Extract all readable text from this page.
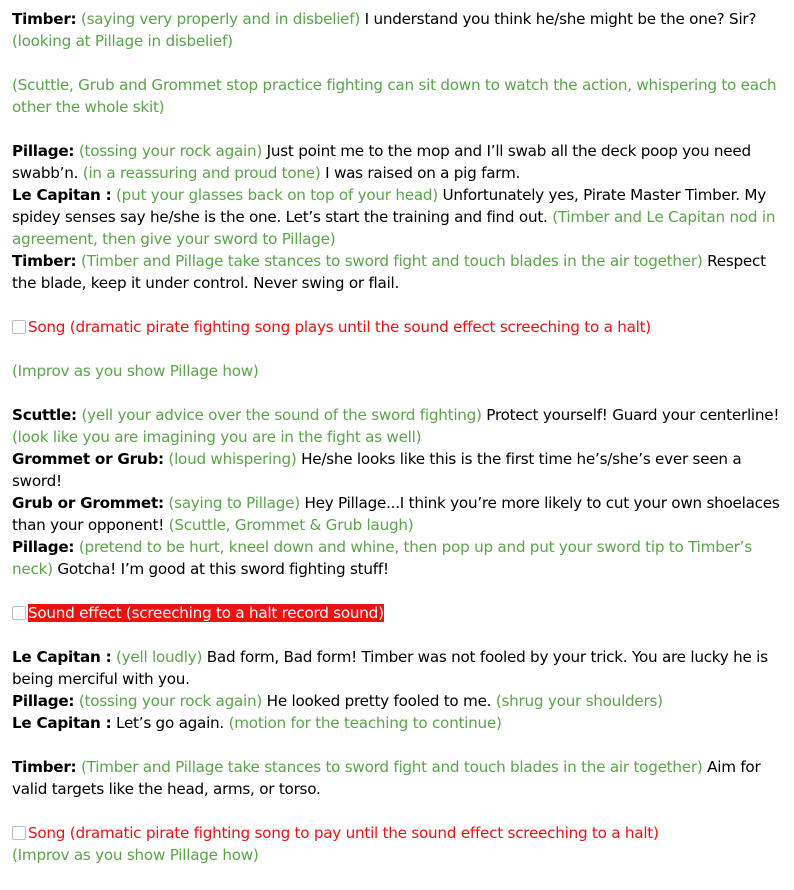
Timber: (saying very properly and in disbelief) I understand you think he/she might be the one? Sir? (looking at Pillage in disbelief)

(Scuttle, Grub and Grommet stop practice fighting can sit down to watch the action, whispering to each other the whole skit)

Pillage: (tossing your rock again) Just point me to the mop and I’ll swab all the deck poop you need swabb’n. (in a reassuring and proud tone) I was raised on a pig farm.

Le Capitan : (put your glasses back on top of your head) Unfortunately yes, Pirate Master Timber. My spidey senses say he/she is the one. Let’s start the training and find out. (Timber and Le Capitan nod in agreement, then give your sword to Pillage)

Timber: (Timber and Pillage take stances to sword fight and touch blades in the air together) Respect the blade, keep it under control. Never swing or flail.

Song (dramatic pirate fighting song plays until the sound effect screeching to a halt)

(Improv as you show Pillage how)

Scuttle: (yell your advice over the sound of the sword fighting) Protect yourself! Guard your centerline! (look like you are imagining you are in the fight as well)

Grommet or Grub: (loud whispering) He/she looks like this is the first time he’s/she’s ever seen a sword!

Grub or Grommet: (saying to Pillage) Hey Pillage...I think you’re more likely to cut your own shoelaces than your opponent! (Scuttle, Grommet & Grub laugh)

Pillage: (pretend to be hurt, kneel down and whine, then pop up and put your sword tip to Timber’s neck) Gotcha! I’m good at this sword fighting stuff!

Sound effect (screeching to a halt record sound)

Le Capitan : (yell loudly) Bad form, Bad form! Timber was not fooled by your trick. You are lucky he is being merciful with you.

Pillage: (tossing your rock again) He looked pretty fooled to me. (shrug your shoulders)

Le Capitan : Let’s go again. (motion for the teaching to continue)

Timber: (Timber and Pillage take stances to sword fight and touch blades in the air together) Aim for valid targets like the head, arms, or torso.

Song (dramatic pirate fighting song to pay until the sound effect screeching to a halt)

(Improv as you show Pillage how)
